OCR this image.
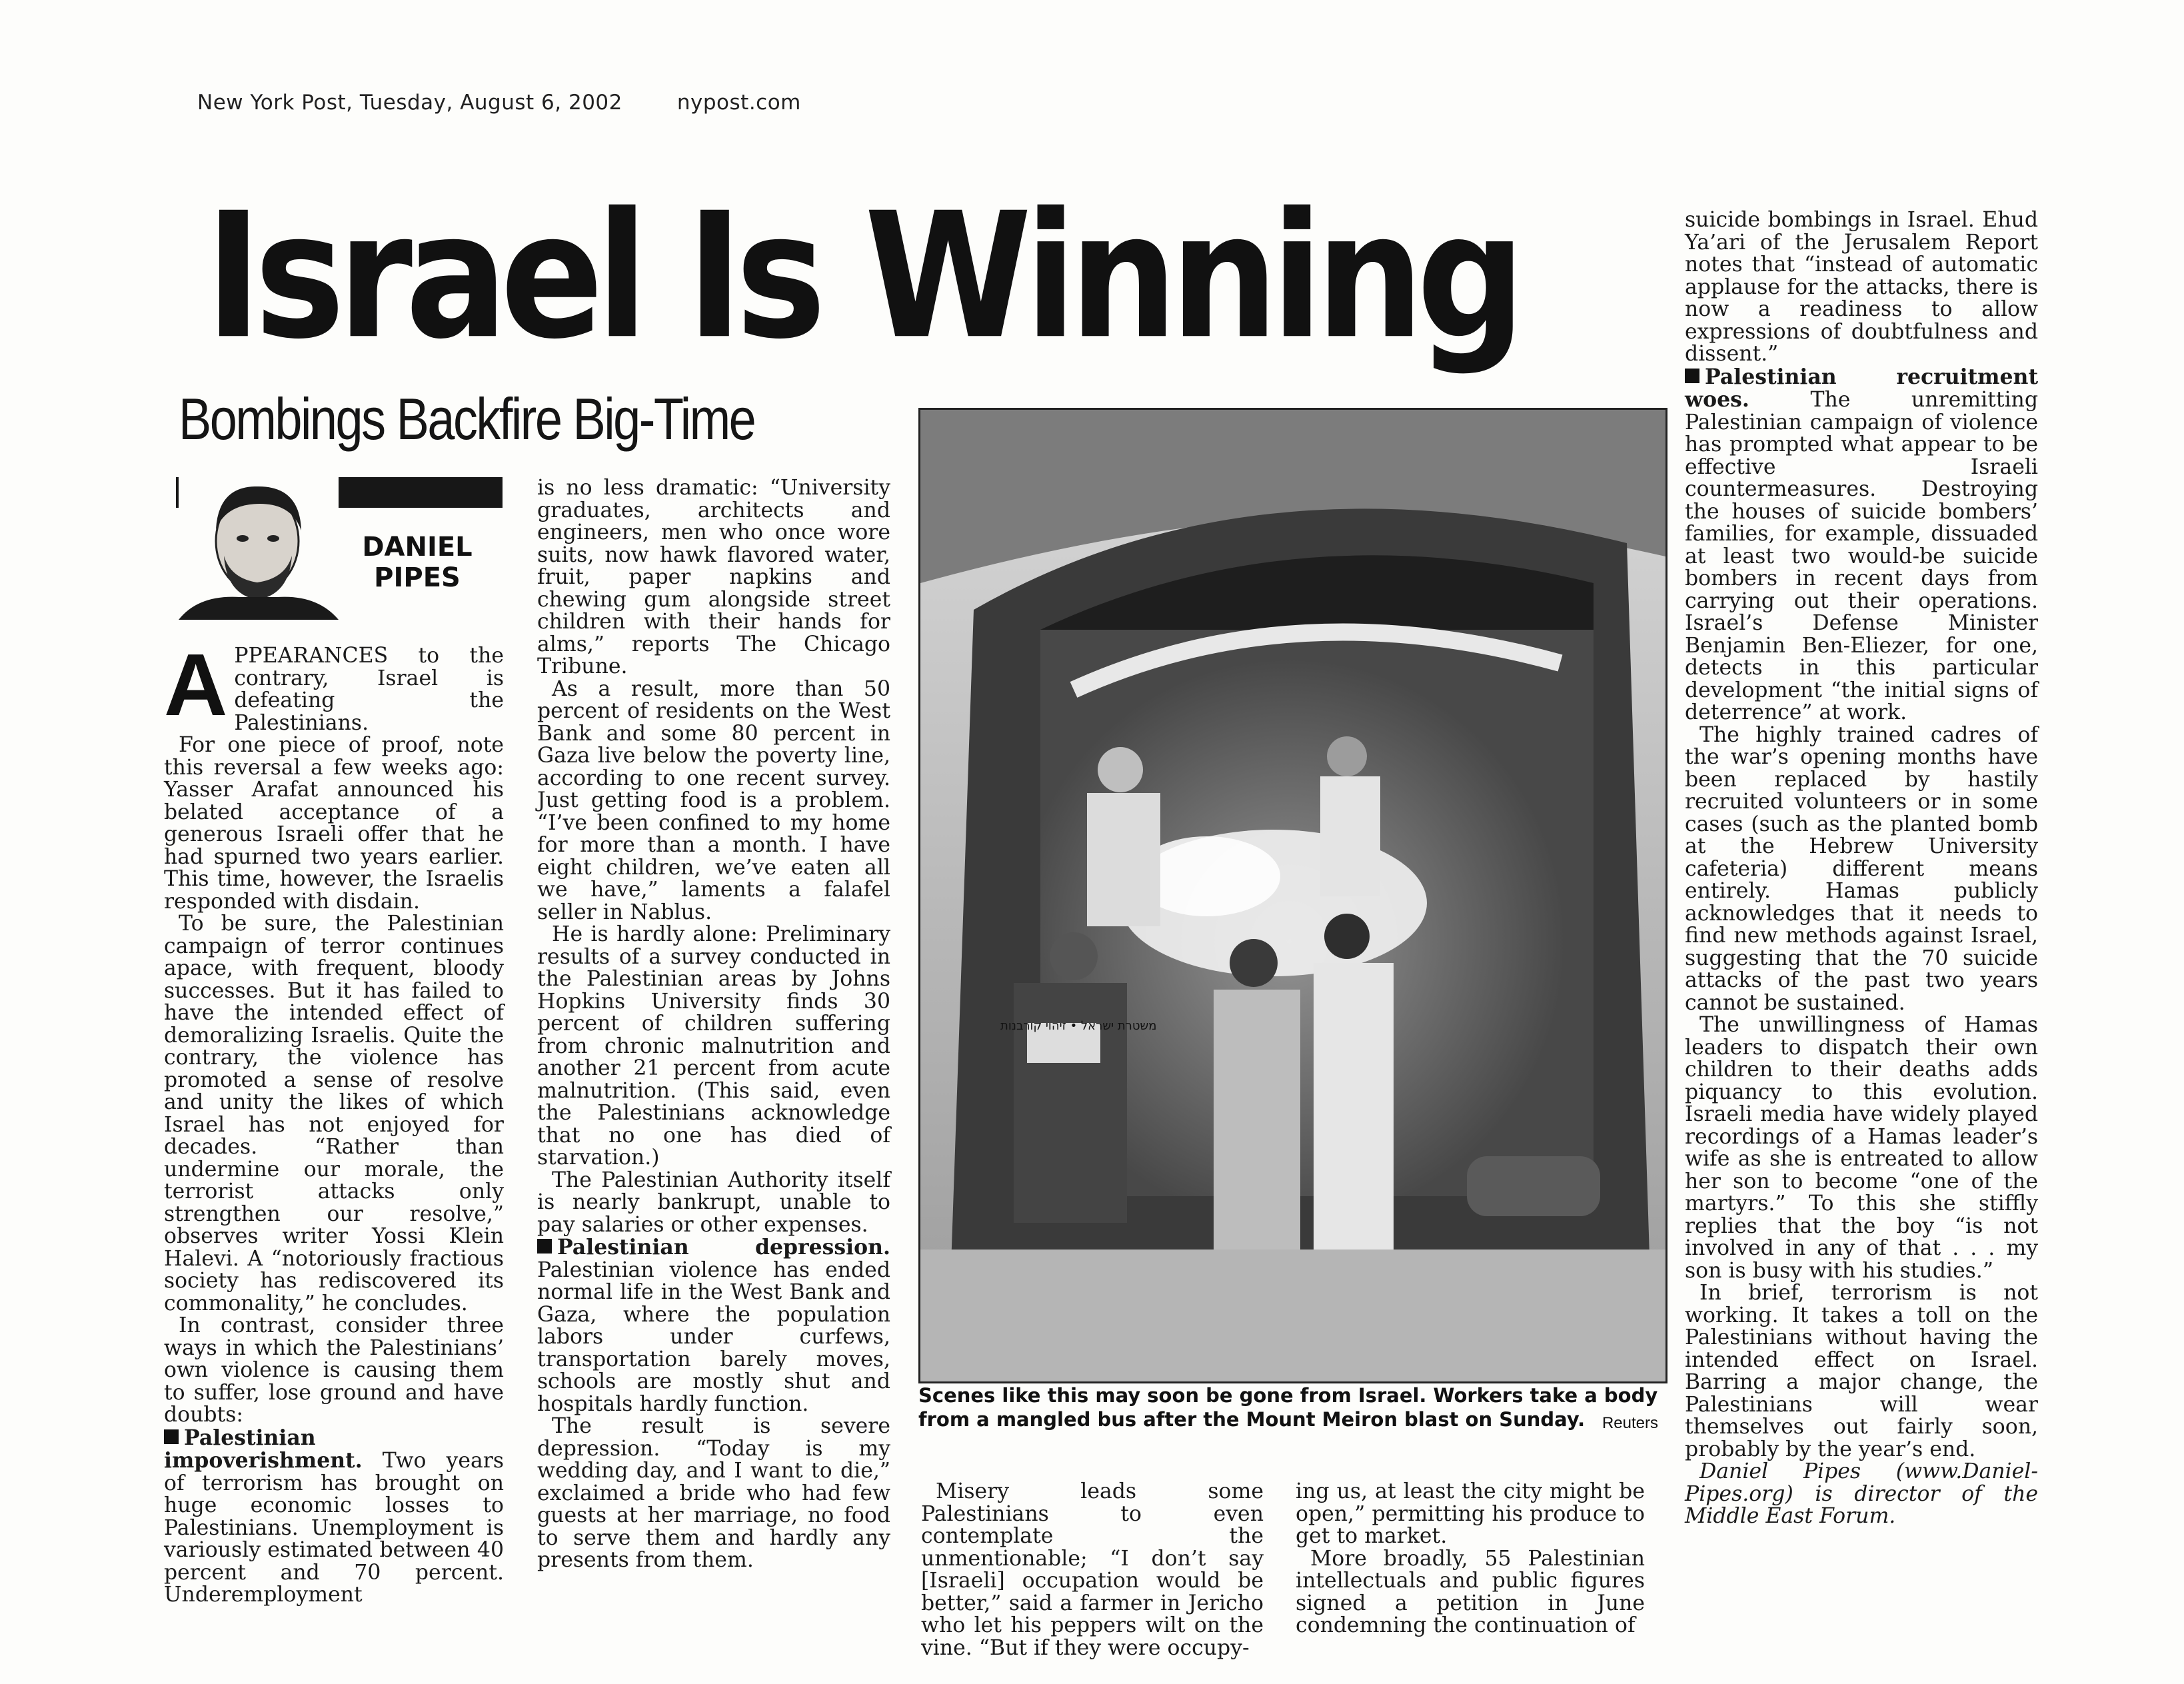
New York Post, Tuesday, August 6, 2002	nypost.com
Israel Is Winning
Bombings Backfire Big-Time
DANIEL
PIPES

APPEARANCES to the contrary, Israel is defeating the Palestinians.

For one piece of proof, note this reversal a few weeks ago: Yasser Arafat announced his belated acceptance of a generous Israeli offer that he had spurned two years earlier. This time, however, the Israelis responded with disdain.

To be sure, the Palestinian campaign of terror continues apace, with frequent, bloody successes. But it has failed to have the intended effect of demoralizing Israelis. Quite the contrary, the violence has promoted a sense of resolve and unity the likes of which Israel has not enjoyed for decades. “Rather than undermine our morale, the terrorist attacks only strengthen our resolve,” observes writer Yossi Klein Halevi. A “notoriously fractious society has rediscovered its commonality,” he concludes.

In contrast, consider three ways in which the Palestinians’ own violence is causing them to suffer, lose ground and have doubts:

Palestinian impoverishment. Two years of terrorism has brought on huge economic losses to Palestinians. Unemployment is variously estimated between 40 percent and 70 percent. Underemployment

is no less dramatic: “University graduates, architects and engineers, men who once wore suits, now hawk flavored water, fruit, paper napkins and chewing gum alongside street children with their hands for alms,” reports The Chicago Tribune.

As a result, more than 50 percent of residents on the West Bank and some 80 percent in Gaza live below the poverty line, according to one recent survey. Just getting food is a problem. “I’ve been confined to my home for more than a month. I have eight children, we’ve eaten all we have,” laments a falafel seller in Nablus.

He is hardly alone: Preliminary results of a survey conducted in the Palestinian areas by Johns Hopkins University finds 30 percent of children suffering from chronic malnutrition and another 21 percent from acute malnutrition. (This said, even the Palestinians acknowledge that no one has died of starvation.)

The Palestinian Authority itself is nearly bankrupt, unable to pay salaries or other expenses.

Palestinian depression. Palestinian violence has ended normal life in the West Bank and Gaza, where the population labors under curfews, transportation barely moves, schools are mostly shut and hospitals hardly function.

The result is severe depression. “Today is my wedding day, and I want to die,” exclaimed a bride who had few guests at her marriage, no food to serve them and hardly any presents from them.

משטרת ישראל • זיהוי קורבנות
Scenes like this may soon be gone from Israel. Workers take a body from a mangled bus after the Mount Meiron blast on Sunday. Reuters

Misery leads some Palestinians to even contemplate the unmentionable; “I don’t say [Israeli] occupation would be better,” said a farmer in Jericho who let his peppers wilt on the vine. “But if they were occupy-

ing us, at least the city might be open,” permitting his produce to get to market.

More broadly, 55 Palestinian intellectuals and public figures signed a petition in June condemning the continuation of

suicide bombings in Israel. Ehud Ya’ari of the Jerusalem Report notes that “instead of automatic applause for the attacks, there is now a readiness to allow expressions of doubtfulness and dissent.”

Palestinian recruitment woes.	The unremitting Palestinian campaign of violence has prompted what appear to be effective Israeli countermeasures. Destroying the houses of suicide bombers’ families, for example, dissuaded at least two would-be suicide bombers in recent days from carrying out their operations. Israel’s Defense Minister Benjamin Ben-Eliezer, for one, detects in this particular development “the initial signs of deterrence” at work.

The highly trained cadres of the war’s opening months have been replaced by hastily recruited volunteers or in some cases (such as the planted bomb at the Hebrew University cafeteria) different means entirely. Hamas publicly acknowledges that it needs to find new methods against Israel, suggesting that the 70 suicide attacks of the past two years cannot be sustained.

The unwillingness of Hamas leaders to dispatch their own children to their deaths adds piquancy to this evolution. Israeli media have widely played recordings of a Hamas leader’s wife as she is entreated to allow her son to become “one of the martyrs.” To this she stiffly replies that the boy “is not involved in any of that . . . my son is busy with his studies.”

In brief, terrorism is not working. It takes a toll on the Palestinians without having the intended effect on Israel. Barring a major change, the Palestinians will wear themselves out fairly soon, probably by the year’s end.

Daniel Pipes (www.Daniel-Pipes.org) is director of the Middle East Forum.
